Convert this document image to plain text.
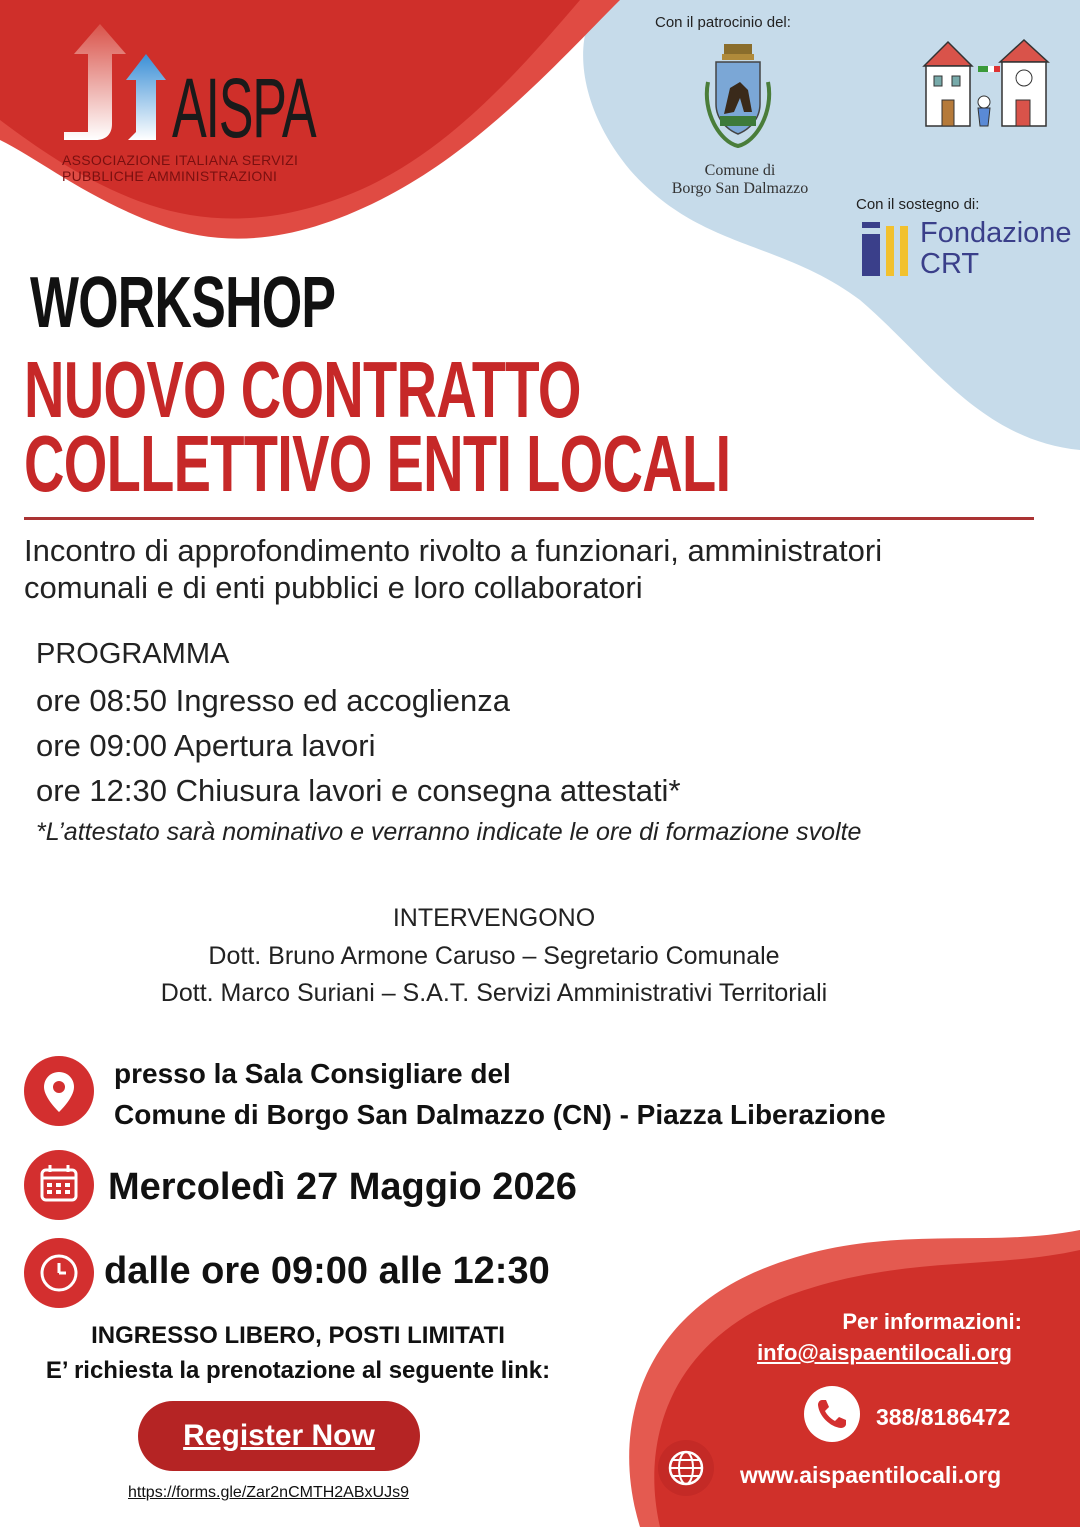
AISPA
ASSOCIAZIONE ITALIANA SERVIZI
PUBBLICHE AMMINISTRAZIONI
Con il patrocinio del:
Comune di
Borgo San Dalmazzo
Con il sostegno di:
Fondazione
CRT
WORKSHOP
NUOVO CONTRATTO
COLLETTIVO ENTI LOCALI
Incontro di approfondimento rivolto a funzionari, amministratori
comunali e di enti pubblici e loro collaboratori
PROGRAMMA
ore 08:50 Ingresso ed accoglienza
ore 09:00 Apertura lavori
ore 12:30 Chiusura lavori e consegna attestati*
*L’attestato sarà nominativo e verranno indicate le ore di formazione svolte
INTERVENGONO
Dott. Bruno Armone Caruso – Segretario Comunale
Dott. Marco Suriani – S.A.T. Servizi Amministrativi Territoriali
presso la Sala Consigliare del
Comune di Borgo San Dalmazzo (CN) - Piazza Liberazione
Mercoledì 27 Maggio 2026
dalle ore 09:00 alle 12:30
INGRESSO LIBERO, POSTI LIMITATI
E’ richiesta la prenotazione al seguente link:
Register Now
https://forms.gle/Zar2nCMTH2ABxUJs9
Per informazioni:
info@aispaentilocali.org
388/8186472
www.aispaentilocali.org
